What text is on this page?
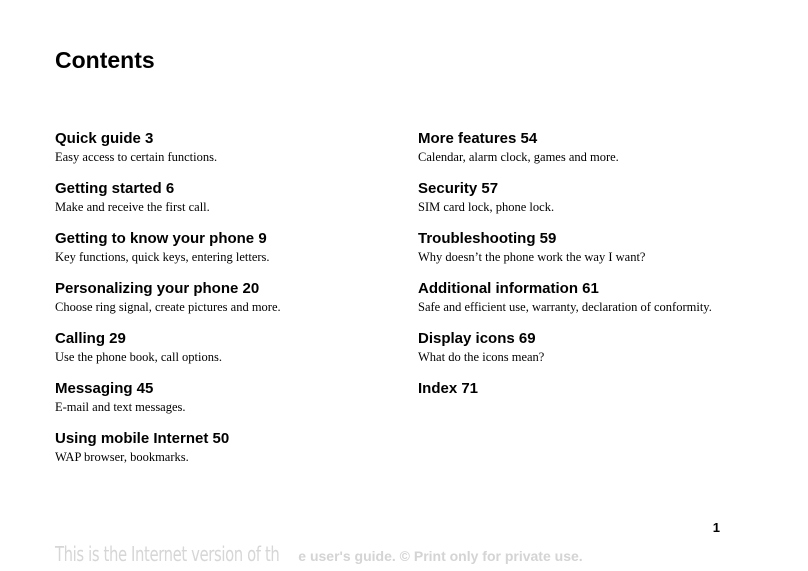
Contents
Quick guide 3
Easy access to certain functions.
Getting started 6
Make and receive the first call.
Getting to know your phone 9
Key functions, quick keys, entering letters.
Personalizing your phone 20
Choose ring signal, create pictures and more.
Calling 29
Use the phone book, call options.
Messaging 45
E-mail and text messages.
Using mobile Internet 50
WAP browser, bookmarks.
More features 54
Calendar, alarm clock, games and more.
Security 57
SIM card lock, phone lock.
Troubleshooting 59
Why doesn’t the phone work the way I want?
Additional information 61
Safe and efficient use, warranty, declaration of conformity.
Display icons 69
What do the icons mean?
Index 71
1
This is the Internet version of th e user's guide. © Print only for private use.
